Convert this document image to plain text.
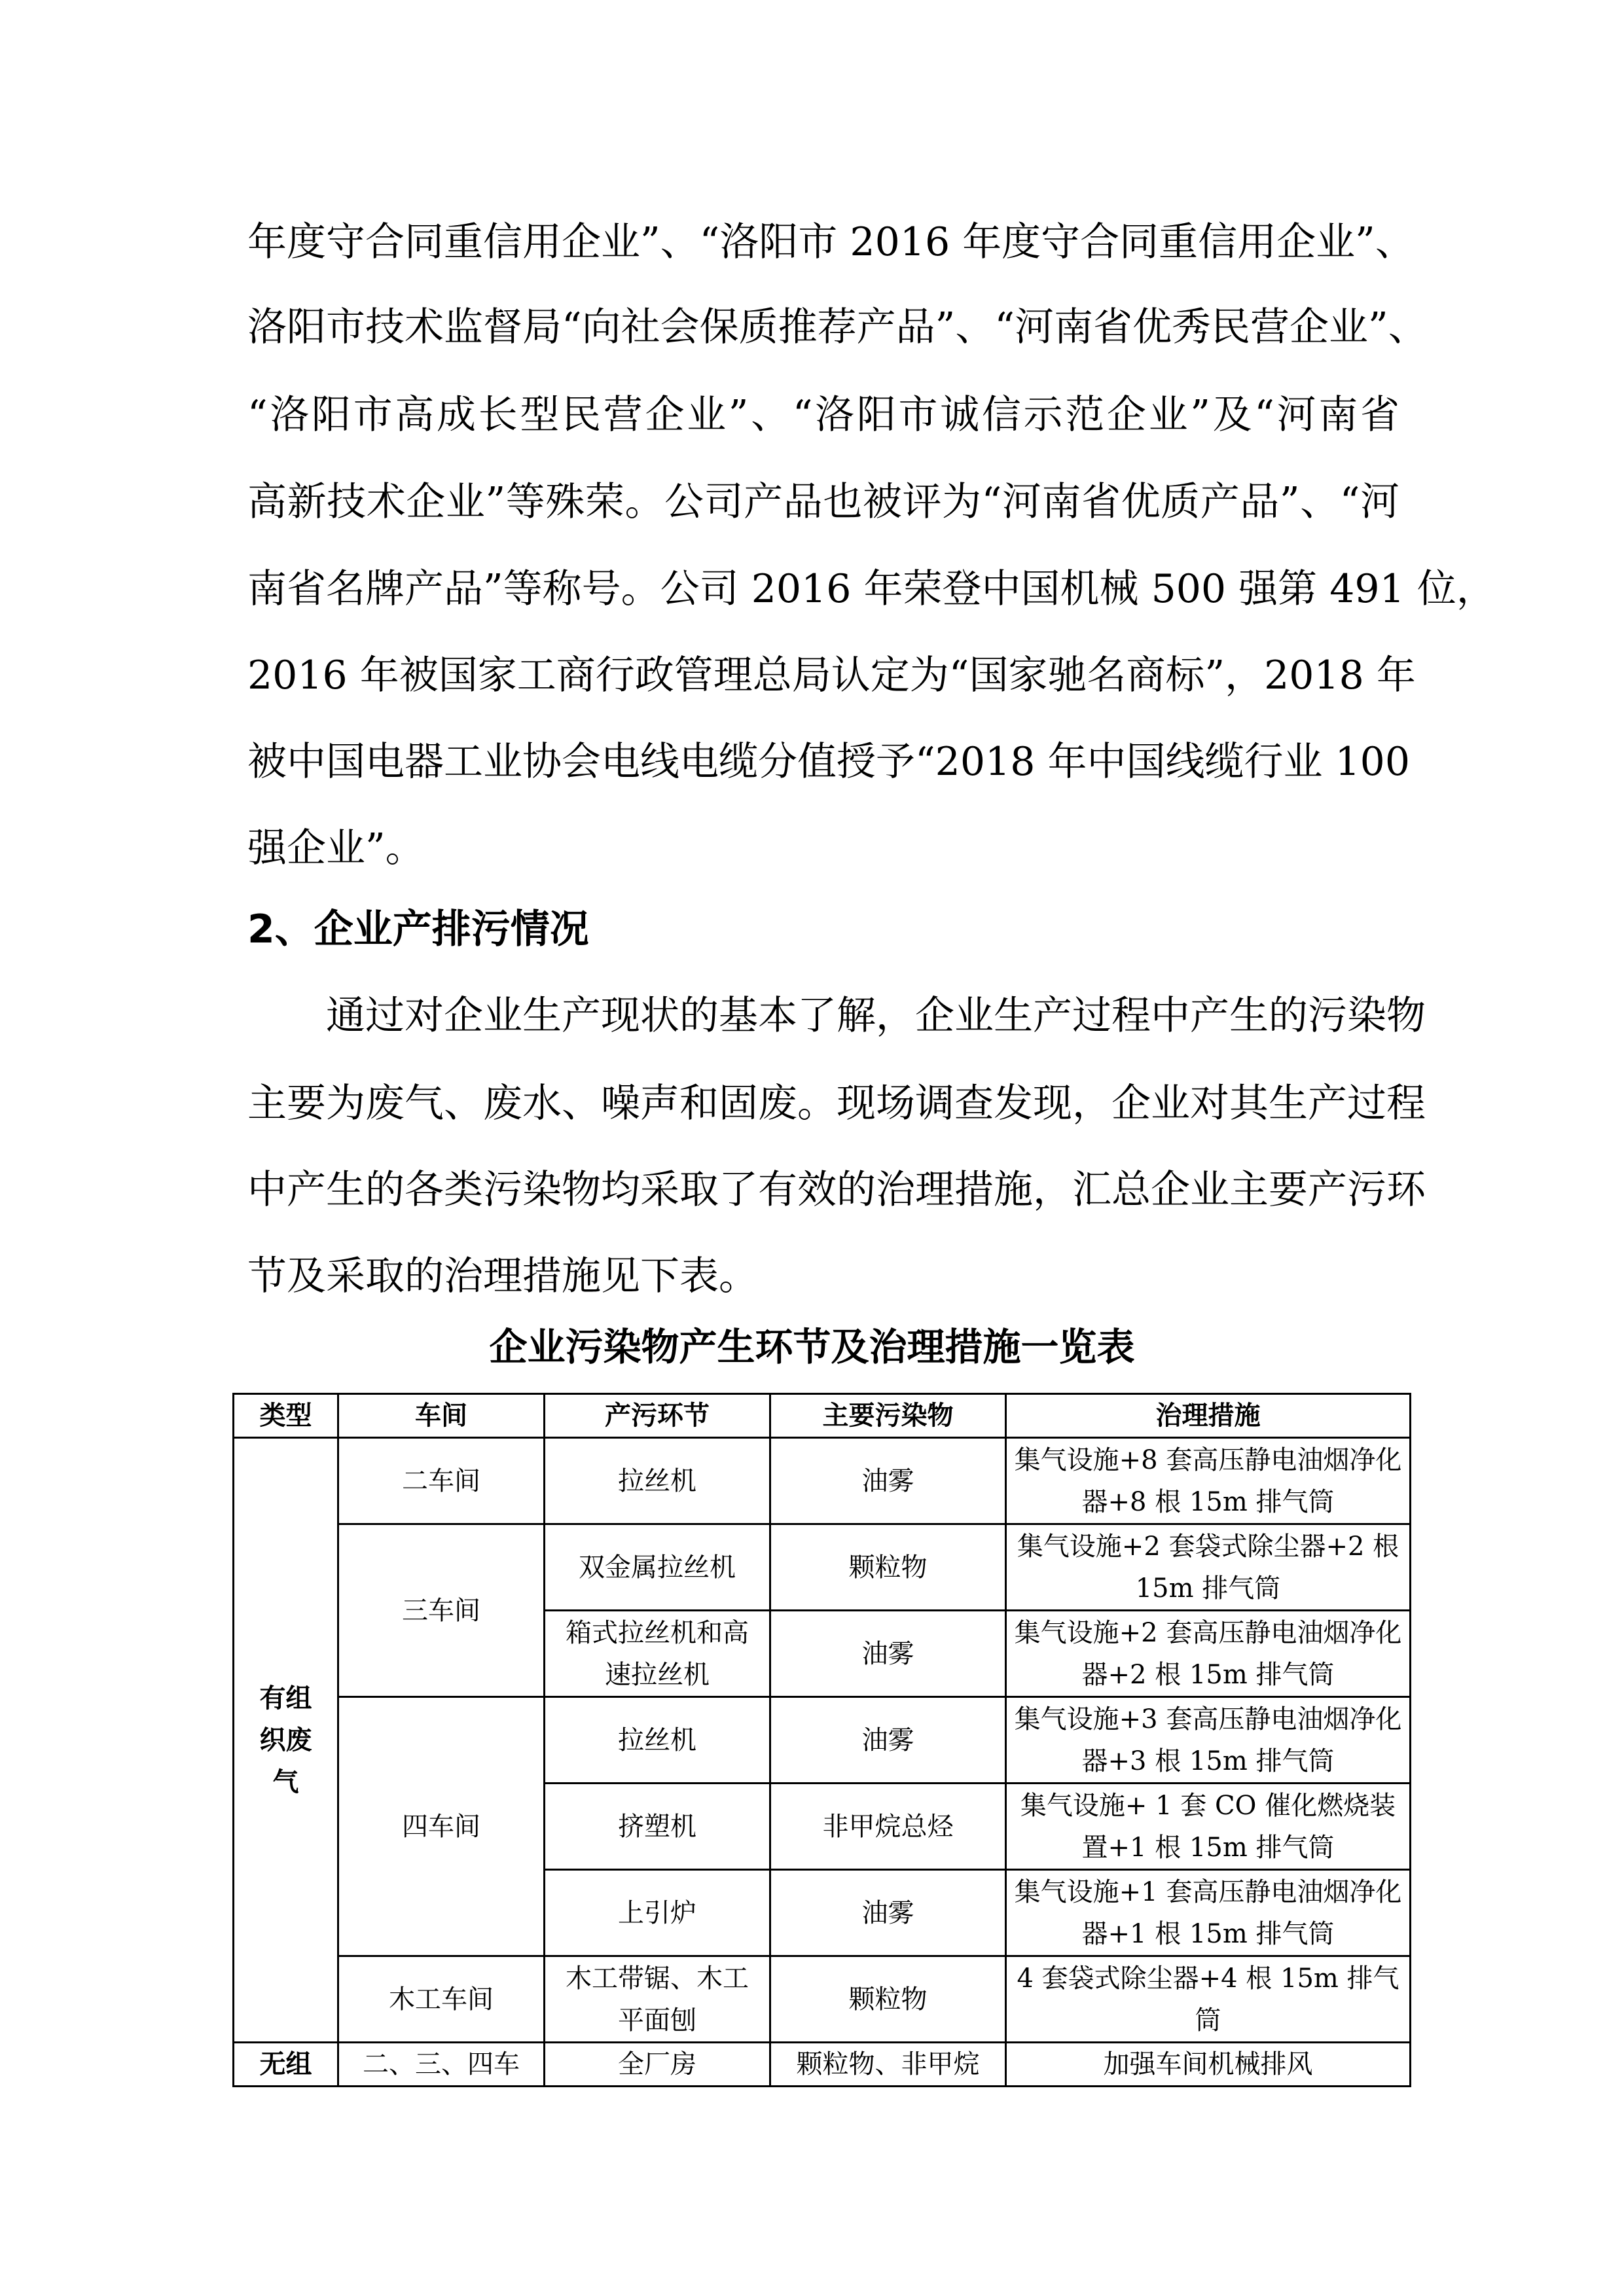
年度守合同重信用企业”、“洛阳市 2016 年度守合同重信用企业”、
洛阳市技术监督局“向社会保质推荐产品”、“河南省优秀民营企业”、
“洛阳市高成长型民营企业”、“洛阳市诚信示范企业”及“河南省
高新技术企业”等殊荣。公司产品也被评为“河南省优质产品”、“河
南省名牌产品”等称号。公司 2016 年荣登中国机械 500 强第 491 位，
2016 年被国家工商行政管理总局认定为“国家驰名商标”，2018 年
被中国电器工业协会电线电缆分值授予“2018 年中国线缆行业 100
强企业”。
2、企业产排污情况
通过对企业生产现状的基本了解，企业生产过程中产生的污染物
主要为废气、废水、噪声和固废。现场调查发现，企业对其生产过程
中产生的各类污染物均采取了有效的治理措施，汇总企业主要产污环
节及采取的治理措施见下表。
企业污染物产生环节及治理措施一览表
类型	车间	产污环节	主要污染物	治理措施
有组织废气	二车间	拉丝机	油雾	集气设施+8 套高压静电油烟净化器+8 根 15m 排气筒
	三车间	双金属拉丝机	颗粒物	集气设施+2 套袋式除尘器+2 根 15m 排气筒
		箱式拉丝机和高速拉丝机	油雾	集气设施+2 套高压静电油烟净化器+2 根 15m 排气筒
	四车间	拉丝机	油雾	集气设施+3 套高压静电油烟净化器+3 根 15m 排气筒
		挤塑机	非甲烷总烃	集气设施+ 1 套 CO 催化燃烧装置+1 根 15m 排气筒
		上引炉	油雾	集气设施+1 套高压静电油烟净化器+1 根 15m 排气筒
	木工车间	木工带锯、木工平面刨	颗粒物	4 套袋式除尘器+4 根 15m 排气筒
无组	二、三、四车	全厂房	颗粒物、非甲烷	加强车间机械排风
